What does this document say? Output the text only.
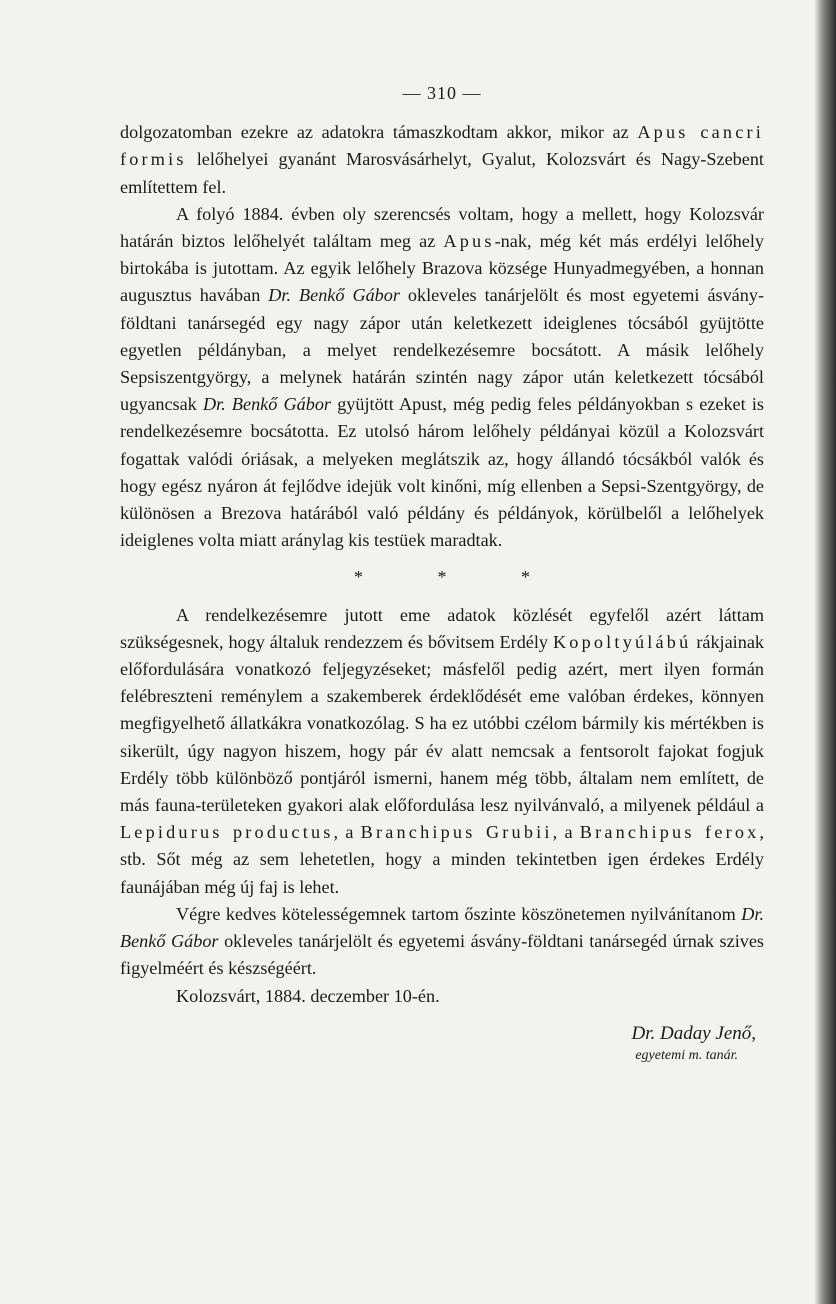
— 310 —

dolgozatomban ezekre az adatokra támaszkodtam akkor, mikor az Apus cancri formis lelőhelyei gyanánt Marosvásárhelyt, Gyalut, Kolozsvárt és Nagy-Szebent említettem fel.

A folyó 1884. évben oly szerencsés voltam, hogy a mellett, hogy Kolozsvár határán biztos lelőhelyét találtam meg az Apus-nak, még két más erdélyi lelőhely birtokába is jutottam. Az egyik lelőhely Brazova községe Hunyadmegyében, a honnan augusztus havában Dr. Benkő Gábor okleveles tanárjelölt és most egyetemi ásvány-földtani tanársegéd egy nagy zápor után keletkezett ideiglenes tócsából gyüjtötte egyetlen példányban, a melyet rendelkezésemre bocsátott. A másik lelőhely Sepsiszentgyörgy, a melynek határán szintén nagy zápor után keletkezett tócsából ugyancsak Dr. Benkő Gábor gyüjtött Apust, még pedig feles példányokban s ezeket is rendelkezésemre bocsátotta. Ez utolsó három lelőhely példányai közül a Kolozsvárt fogattak valódi óriásak, a melyeken meglátszik az, hogy állandó tócsákból valók és hogy egész nyáron át fejlődve idejük volt kinőni, míg ellenben a Sepsi-Szentgyörgy, de különösen a Brezova határából való példány és példányok, körülbelől a lelőhelyek ideiglenes volta miatt aránylag kis testüek maradtak.

* * *

A rendelkezésemre jutott eme adatok közlését egyfelől azért láttam szükségesnek, hogy általuk rendezzem és bővitsem Erdély Kopoltyúlábú rákjainak előfordulására vonatkozó feljegyzéseket; másfelől pedig azért, mert ilyen formán felébreszteni reménylem a szakemberek érdeklődését eme valóban érdekes, könnyen megfigyelhető állatkákra vonatkozólag. S ha ez utóbbi czélom bármily kis mértékben is sikerült, úgy nagyon hiszem, hogy pár év alatt nemcsak a fentsorolt fajokat fogjuk Erdély több különböző pontjáról ismerni, hanem még több, általam nem említett, de más fauna-területeken gyakori alak előfordulása lesz nyilvánvaló, a milyenek például a Lepidurus productus, a Branchipus Grubii, a Branchipus ferox, stb. Sőt még az sem lehetetlen, hogy a minden tekintetben igen érdekes Erdély faunájában még új faj is lehet.

Végre kedves kötelességemnek tartom őszinte köszönetemen nyilvánítanom Dr. Benkő Gábor okleveles tanárjelölt és egyetemi ásvány-földtani tanársegéd úrnak szives figyelméért és készségéért.

Kolozsvárt, 1884. deczember 10-én.

Dr. Daday Jenő,
egyetemi m. tanár.
